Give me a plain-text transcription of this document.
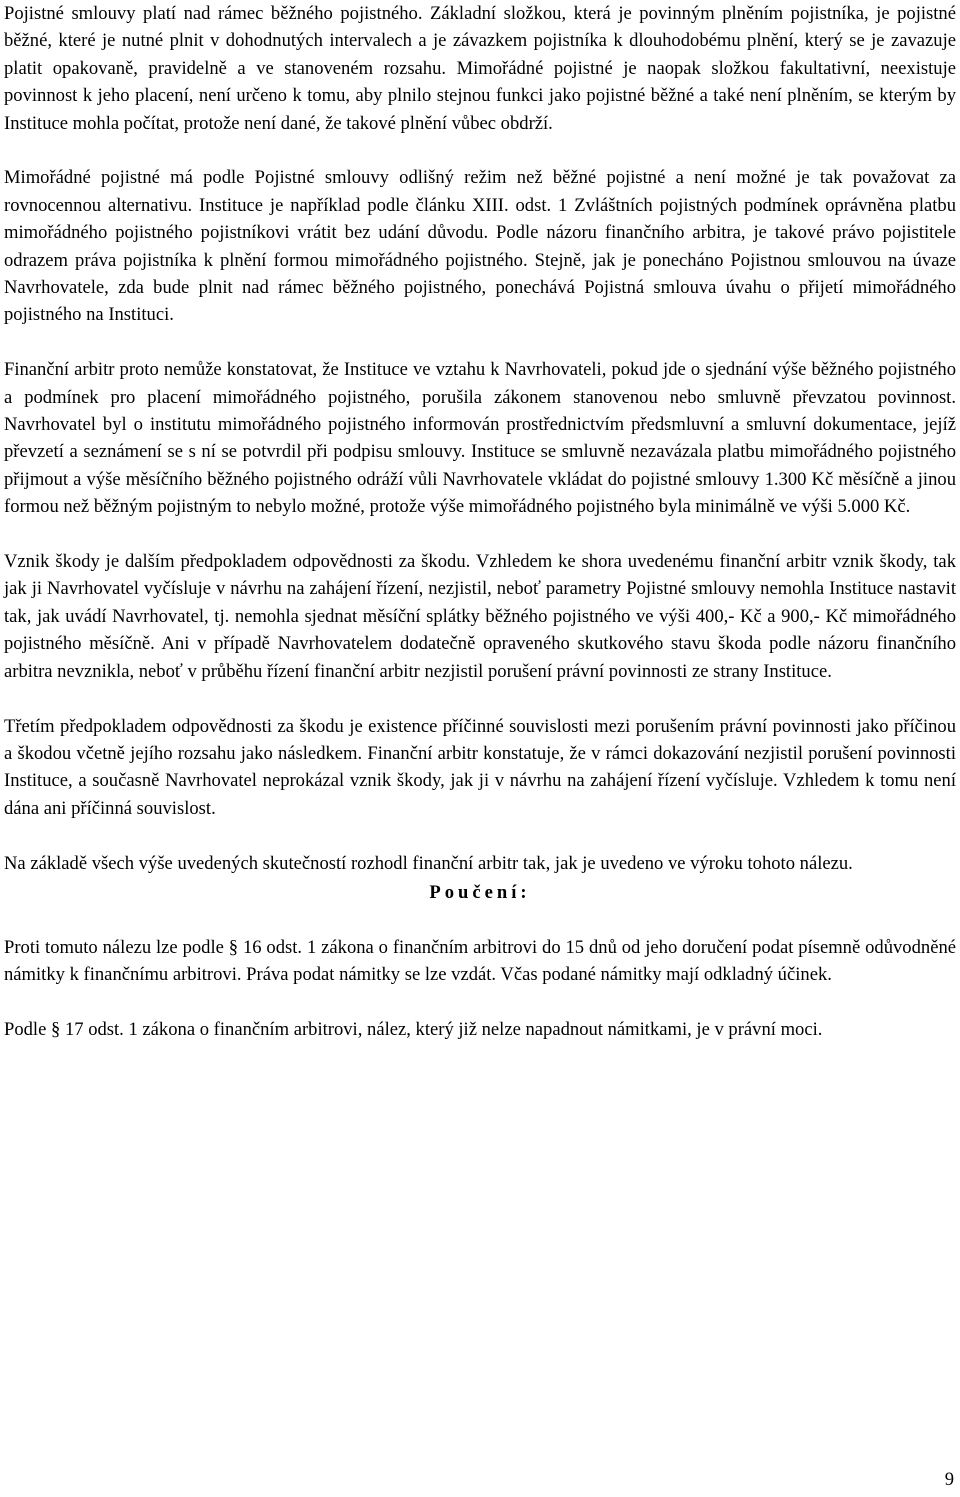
Pojistné smlouvy platí nad rámec běžného pojistného. Základní složkou, která je povinným plněním pojistníka, je pojistné běžné, které je nutné plnit v dohodnutých intervalech a je závazkem pojistníka k dlouhodobému plnění, který se je zavazuje platit opakovaně, pravidelně a ve stanoveném rozsahu. Mimořádné pojistné je naopak složkou fakultativní, neexistuje povinnost k jeho placení, není určeno k tomu, aby plnilo stejnou funkci jako pojistné běžné a také není plněním, se kterým by Instituce mohla počítat, protože není dané, že takové plnění vůbec obdrží.

Mimořádné pojistné má podle Pojistné smlouvy odlišný režim než běžné pojistné a není možné je tak považovat za rovnocennou alternativu. Instituce je například podle článku XIII. odst. 1 Zvláštních pojistných podmínek oprávněna platbu mimořádného pojistného pojistníkovi vrátit bez udání důvodu. Podle názoru finančního arbitra, je takové právo pojistitele odrazem práva pojistníka k plnění formou mimořádného pojistného. Stejně, jak je ponecháno Pojistnou smlouvou na úvaze Navrhovatele, zda bude plnit nad rámec běžného pojistného, ponechává Pojistná smlouva úvahu o přijetí mimořádného pojistného na Instituci.

Finanční arbitr proto nemůže konstatovat, že Instituce ve vztahu k Navrhovateli, pokud jde o sjednání výše běžného pojistného a podmínek pro placení mimořádného pojistného, porušila zákonem stanovenou nebo smluvně převzatou povinnost. Navrhovatel byl o institutu mimořádného pojistného informován prostřednictvím předsmluvní a smluvní dokumentace, jejíž převzetí a seznámení se s ní se potvrdil při podpisu smlouvy. Instituce se smluvně nezavázala platbu mimořádného pojistného přijmout a výše měsíčního běžného pojistného odráží vůli Navrhovatele vkládat do pojistné smlouvy 1.300 Kč měsíčně a jinou formou než běžným pojistným to nebylo možné, protože výše mimořádného pojistného byla minimálně ve výši 5.000 Kč.

Vznik škody je dalším předpokladem odpovědnosti za škodu. Vzhledem ke shora uvedenému finanční arbitr vznik škody, tak jak ji Navrhovatel vyčísluje v návrhu na zahájení řízení, nezjistil, neboť parametry Pojistné smlouvy nemohla Instituce nastavit tak, jak uvádí Navrhovatel, tj. nemohla sjednat měsíční splátky běžného pojistného ve výši 400,- Kč a 900,- Kč mimořádného pojistného měsíčně. Ani v případě Navrhovatelem dodatečně opraveného skutkového stavu škoda podle názoru finančního arbitra nevznikla, neboť v průběhu řízení finanční arbitr nezjistil porušení právní povinnosti ze strany Instituce.

Třetím předpokladem odpovědnosti za škodu je existence příčinné souvislosti mezi porušením právní povinnosti jako příčinou a škodou včetně jejího rozsahu jako následkem. Finanční arbitr konstatuje, že v rámci dokazování nezjistil porušení povinnosti Instituce, a současně Navrhovatel neprokázal vznik škody, jak ji v návrhu na zahájení řízení vyčísluje. Vzhledem k tomu není dána ani příčinná souvislost.

Na základě všech výše uvedených skutečností rozhodl finanční arbitr tak, jak je uvedeno ve výroku tohoto nálezu.

Poučení:

Proti tomuto nálezu lze podle § 16 odst. 1 zákona o finančním arbitrovi do 15 dnů od jeho doručení podat písemně odůvodněné námitky k finančnímu arbitrovi. Práva podat námitky se lze vzdát. Včas podané námitky mají odkladný účinek.

Podle § 17 odst. 1 zákona o finančním arbitrovi, nález, který již nelze napadnout námitkami, je v právní moci.

9
